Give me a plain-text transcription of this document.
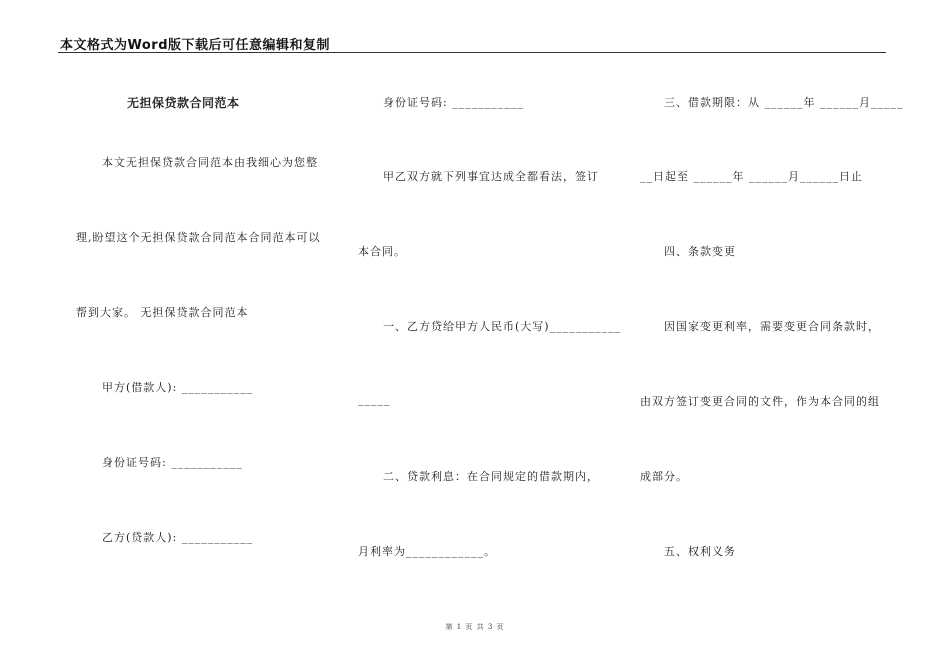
本文格式为Word版下载后可任意编辑和复制
无担保贷款合同范本
本文无担保贷款合同范本由我细心为您整
理,盼望这个无担保贷款合同范本合同范本可以
帮到大家。 无担保贷款合同范本
甲方(借款人): ___________
身份证号码: ___________
乙方(贷款人): ___________
身份证号码: ___________
甲乙双方就下列事宜达成全都看法，签订
本合同。
一、乙方贷给甲方人民币(大写)___________
_____
二、贷款利息：在合同规定的借款期内，
月利率为____________。
三、借款期限：从 ______年 ______月_____
__日起至 ______年 ______月______日止
四、条款变更
因国家变更利率，需要变更合同条款时，
由双方签订变更合同的文件，作为本合同的组
成部分。
五、权利义务
第 1 页 共 3 页
